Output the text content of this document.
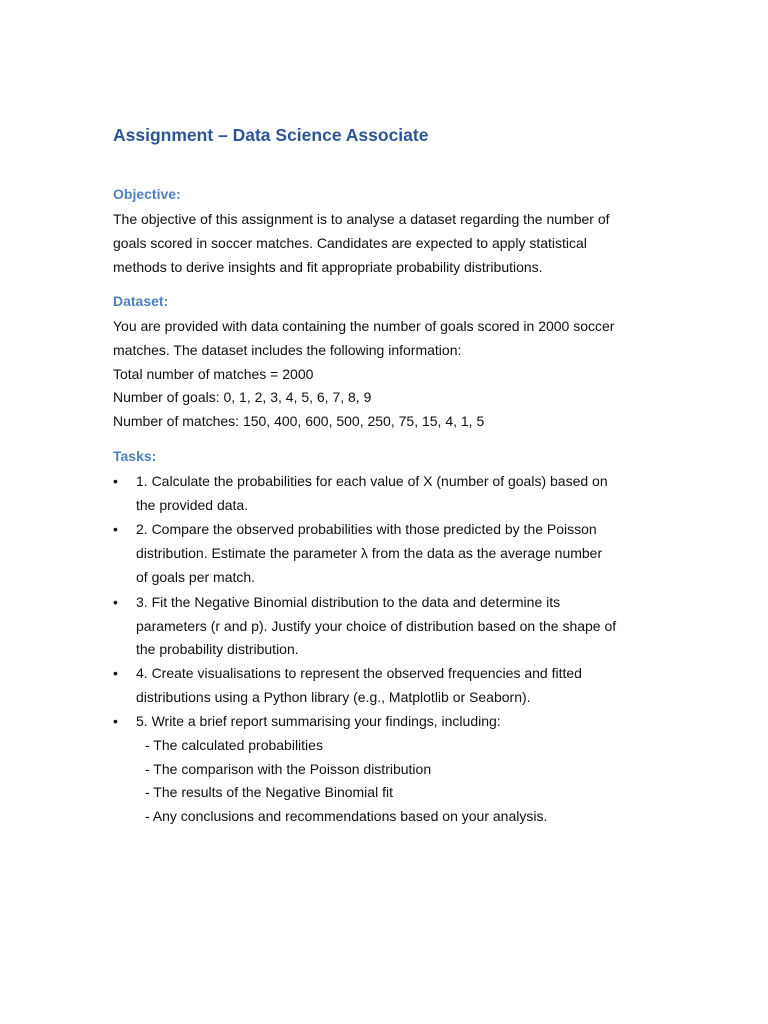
Assignment – Data Science Associate
Objective:
The objective of this assignment is to analyse a dataset regarding the number of
goals scored in soccer matches. Candidates are expected to apply statistical
methods to derive insights and fit appropriate probability distributions.
Dataset:
You are provided with data containing the number of goals scored in 2000 soccer
matches. The dataset includes the following information:
Total number of matches = 2000
Number of goals: 0, 1, 2, 3, 4, 5, 6, 7, 8, 9
Number of matches: 150, 400, 600, 500, 250, 75, 15, 4, 1, 5
Tasks:
• 1. Calculate the probabilities for each value of X (number of goals) based on
the provided data.
• 2. Compare the observed probabilities with those predicted by the Poisson
distribution. Estimate the parameter λ from the data as the average number
of goals per match.
• 3. Fit the Negative Binomial distribution to the data and determine its
parameters (r and p). Justify your choice of distribution based on the shape of
the probability distribution.
• 4. Create visualisations to represent the observed frequencies and fitted
distributions using a Python library (e.g., Matplotlib or Seaborn).
• 5. Write a brief report summarising your findings, including:
- The calculated probabilities
- The comparison with the Poisson distribution
- The results of the Negative Binomial fit
- Any conclusions and recommendations based on your analysis.
